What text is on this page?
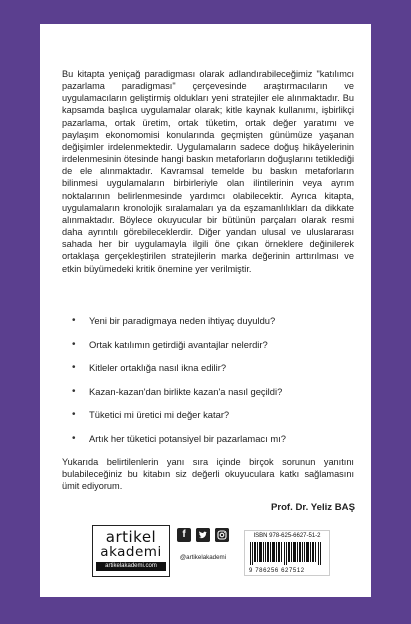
Bu kitapta yeniçağ paradigması olarak adlandırabileceğimiz "katılımcı pazarlama paradigması" çerçevesinde araştırmacıların ve uygulamacıların geliştirmiş oldukları yeni stratejiler ele alınmaktadır. Bu kapsamda başlıca uygulamalar olarak; kitle kaynak kullanımı, işbirlikçi pazarlama, ortak üretim, ortak tüketim, ortak değer yaratımı ve paylaşım ekonomomisi konularında geçmişten günümüze yaşanan değişimler irdelenmektedir. Uygulamaların sadece doğuş hikâyelerinin irdelenmesinin ötesinde hangi baskın metaforların doğuşlarını tetiklediği de ele alınmaktadır. Kavramsal temelde bu baskın metaforların bilinmesi uygulamaların birbirleriyle olan ilintilerinin veya ayrım noktalarının belirlenmesinde yardımcı olabilecektir. Ayrıca kitapta, uygulamaların kronolojik sıralamaları ya da eşzamanlılıkları da dikkate alınmaktadır. Böylece okuyucular bir bütünün parçaları olarak resmi daha ayrıntılı görebileceklerdir. Diğer yandan ulusal ve uluslararası sahada her bir uygulamayla ilgili öne çıkan örneklere değinilerek ortaklaşa gerçekleştirilen stratejilerin marka değerinin arttırılması ve etkin büyümedeki kritik önemine yer verilmiştir.

• Yeni bir paradigmaya neden ihtiyaç duyuldu?
• Ortak katılımın getirdiği avantajlar nelerdir?
• Kitleler ortaklığa nasıl ikna edilir?
• Kazan-kazan'dan birlikte kazan'a nasıl geçildi?
• Tüketici mi üretici mi değer katar?
• Artık her tüketici potansiyel bir pazarlamacı mı?

Yukarıda belirtilenlerin yanı sıra içinde birçok sorunun yanıtını bulabileceğiniz bu kitabın siz değerli okuyuculara katkı sağlamasını ümit ediyorum.

Prof. Dr. Yeliz BAŞ
artikel
akademi
artikelakademi.com
f
@artikelakademi
ISBN 978-625-6627-51-2
9 786256 627512
